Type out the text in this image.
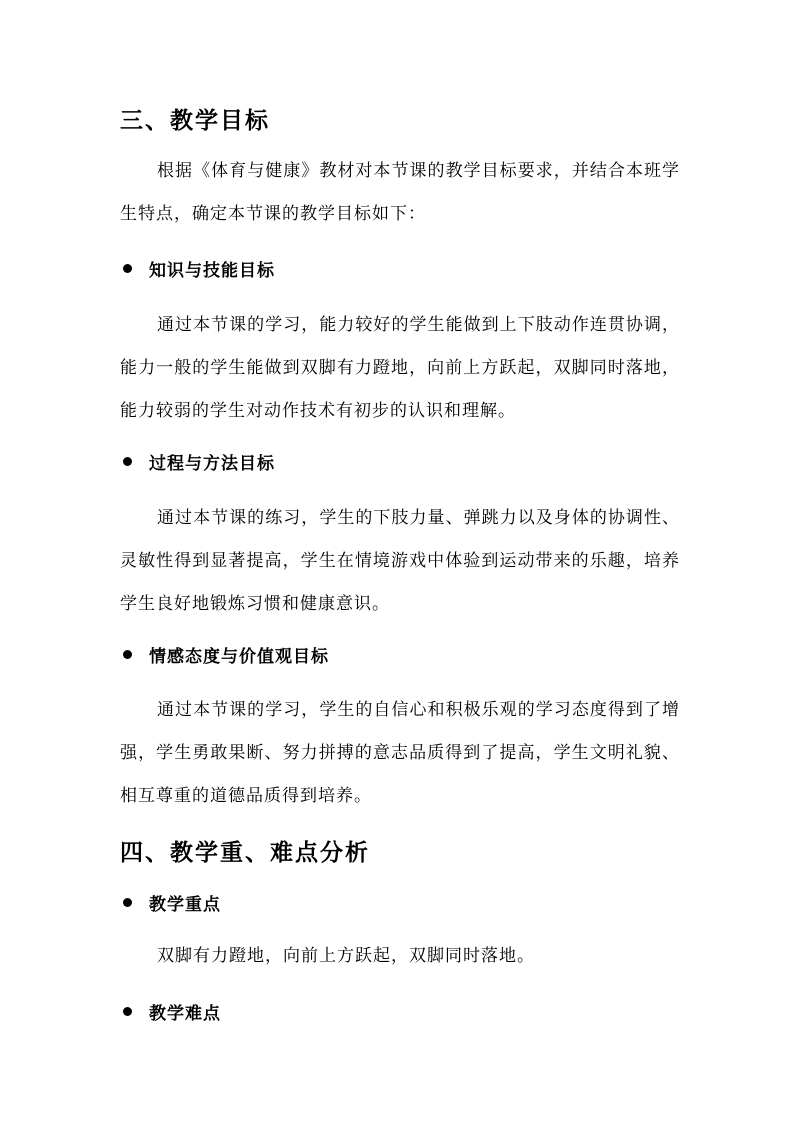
三、教学目标
根据《体育与健康》教材对本节课的教学目标要求，并结合本班学生特点，确定本节课的教学目标如下：
知识与技能目标
通过本节课的学习，能力较好的学生能做到上下肢动作连贯协调，能力一般的学生能做到双脚有力蹬地，向前上方跃起，双脚同时落地，能力较弱的学生对动作技术有初步的认识和理解。
过程与方法目标
通过本节课的练习，学生的下肢力量、弹跳力以及身体的协调性、灵敏性得到显著提高，学生在情境游戏中体验到运动带来的乐趣，培养学生良好地锻炼习惯和健康意识。
情感态度与价值观目标
通过本节课的学习，学生的自信心和积极乐观的学习态度得到了增强，学生勇敢果断、努力拼搏的意志品质得到了提高，学生文明礼貌、相互尊重的道德品质得到培养。
四、教学重、难点分析
教学重点
双脚有力蹬地，向前上方跃起，双脚同时落地。
教学难点
